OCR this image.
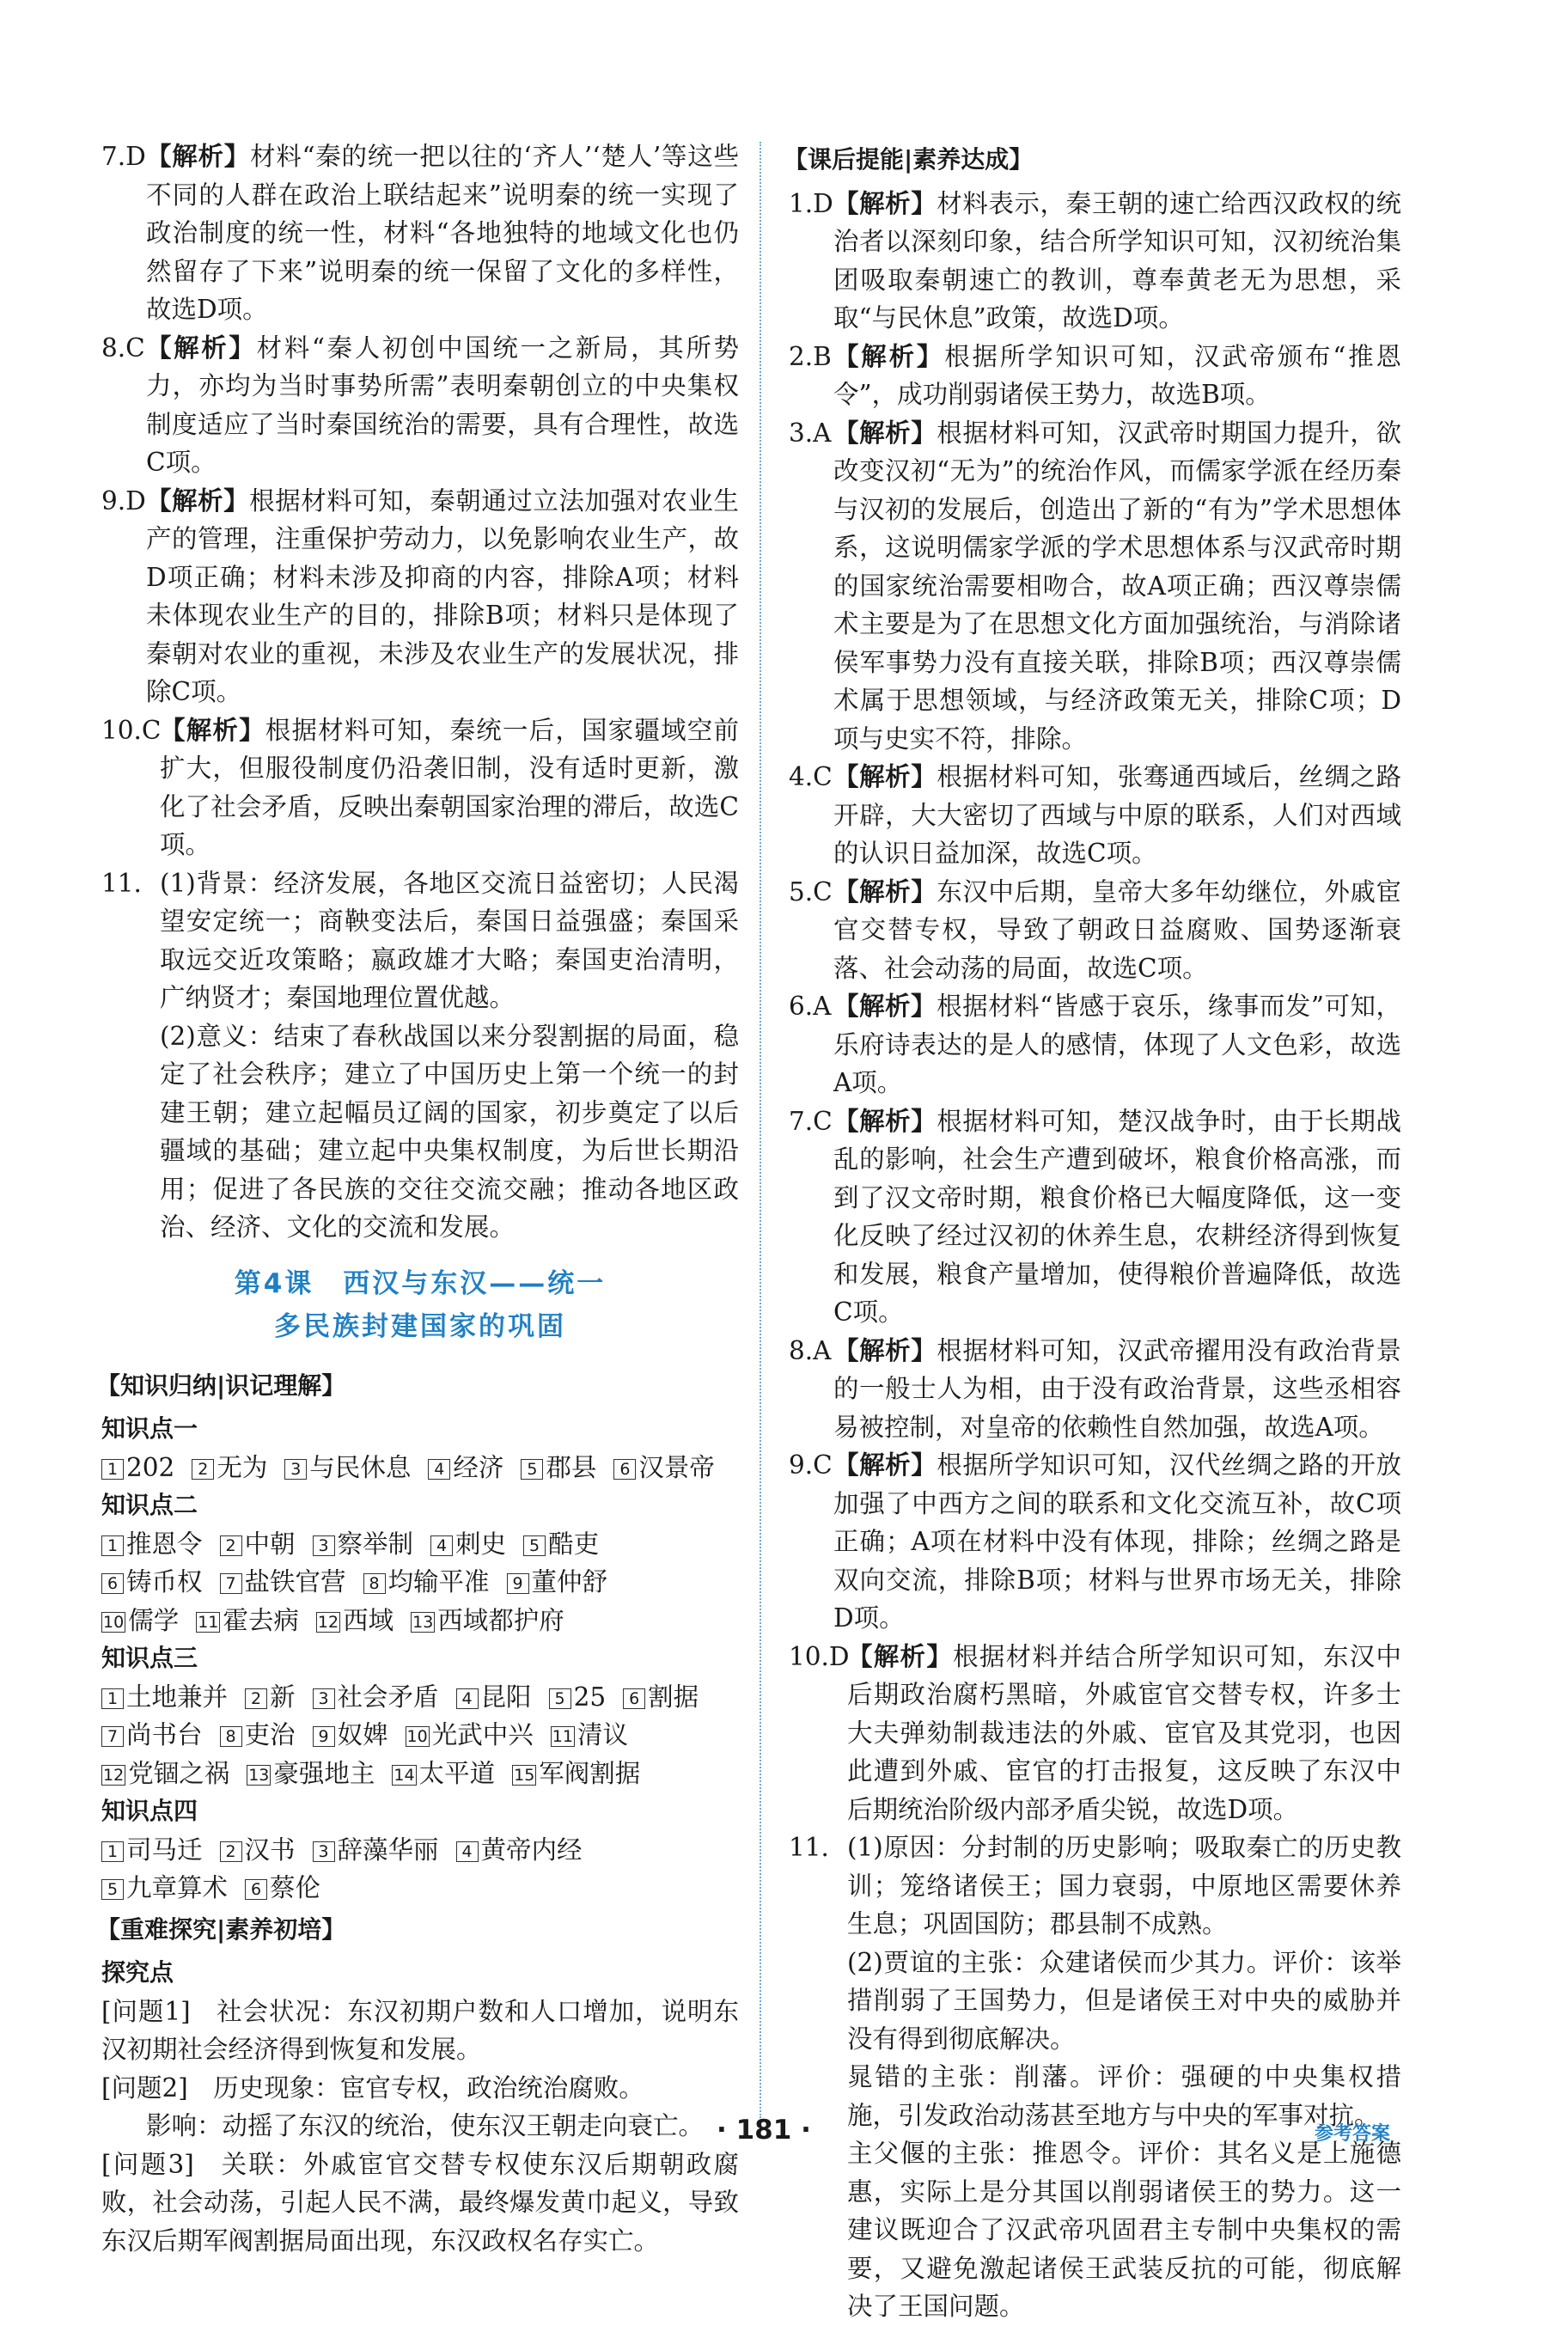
7.D 【解析】材料“秦的统一把以往的‘齐人’‘楚人’等这些不同的人群在政治上联结起来”说明秦的统一实现了政治制度的统一性，材料“各地独特的地域文化也仍然留存了下来”说明秦的统一保留了文化的多样性，故选D项。

8.C 【解析】材料“秦人初创中国统一之新局，其所势力，亦均为当时事势所需”表明秦朝创立的中央集权制度适应了当时秦国统治的需要，具有合理性，故选C项。

9.D 【解析】根据材料可知，秦朝通过立法加强对农业生产的管理，注重保护劳动力，以免影响农业生产，故D项正确；材料未涉及抑商的内容，排除A项；材料未体现农业生产的目的，排除B项；材料只是体现了秦朝对农业的重视，未涉及农业生产的发展状况，排除C项。

10.C
【解析】根据材料可知，秦统一后，国家疆域空前扩大，但服役制度仍沿袭旧制，没有适时更新，激化了社会矛盾，反映出秦朝国家治理的滞后，故选C项。

11. (1)背景：经济发展，各地区交流日益密切；人民渴望安定统一；商鞅变法后，秦国日益强盛；秦国采取远交近攻策略；嬴政雄才大略；秦国吏治清明，广纳贤才；秦国地理位置优越。

(2)意义：结束了春秋战国以来分裂割据的局面，稳定了社会秩序；建立了中国历史上第一个统一的封建王朝；建立起幅员辽阔的国家，初步奠定了以后疆域的基础；建立起中央集权制度，为后世长期沿用；促进了各民族的交往交流交融；推动各地区政治、经济、文化的交流和发展。

第4课　西汉与东汉——统一
多民族封建国家的巩固
【知识归纳|识记理解】
知识点一
1 202	2 无为	3 与民休息	4 经济	5 郡县	6 汉景帝
知识点二
1 推恩令	2 中朝	3 察举制	4 刺史	5 酷吏
6 铸币权	7 盐铁官营	8 均输平准	9 董仲舒
10 儒学 11 霍去病 12 西域 13 西域都护府
知识点三
1 土地兼并	2 新	3 社会矛盾	4 昆阳	5 25	6 割据
7 尚书台	8 吏治	9 奴婢 10 光武中兴 11 清议
12 党锢之祸 13 豪强地主 14 太平道 15 军阀割据
知识点四
1 司马迁	2 汉书	3 辞藻华丽	4 黄帝内经
5 九章算术	6 蔡伦
【重难探究|素养初培】
探究点

[问题1]  社会状况：东汉初期户数和人口增加，说明东汉初期社会经济得到恢复和发展。

[问题2]  历史现象：宦官专权，政治统治腐败。

影响：动摇了东汉的统治，使东汉王朝走向衰亡。

[问题3]  关联：外戚宦官交替专权使东汉后期朝政腐败，社会动荡，引起人民不满，最终爆发黄巾起义，导致东汉后期军阀割据局面出现，东汉政权名存实亡。

【课后提能|素养达成】

1.D 【解析】材料表示，秦王朝的速亡给西汉政权的统治者以深刻印象，结合所学知识可知，汉初统治集团吸取秦朝速亡的教训，尊奉黄老无为思想，采取“与民休息”政策，故选D项。

2.B 【解析】根据所学知识可知，汉武帝颁布“推恩令”，成功削弱诸侯王势力，故选B项。

3.A 【解析】根据材料可知，汉武帝时期国力提升，欲改变汉初“无为”的统治作风，而儒家学派在经历秦与汉初的发展后，创造出了新的“有为”学术思想体系，这说明儒家学派的学术思想体系与汉武帝时期的国家统治需要相吻合，故A项正确；西汉尊崇儒术主要是为了在思想文化方面加强统治，与消除诸侯军事势力没有直接关联，排除B项；西汉尊崇儒术属于思想领域，与经济政策无关，排除C项；D项与史实不符，排除。

4.C 【解析】根据材料可知，张骞通西域后，丝绸之路开辟，大大密切了西域与中原的联系，人们对西域的认识日益加深，故选C项。

5.C 【解析】东汉中后期，皇帝大多年幼继位，外戚宦官交替专权，导致了朝政日益腐败、国势逐渐衰落、社会动荡的局面，故选C项。

6.A 【解析】根据材料“皆感于哀乐，缘事而发”可知，乐府诗表达的是人的感情，体现了人文色彩，故选A项。

7.C 【解析】根据材料可知，楚汉战争时，由于长期战乱的影响，社会生产遭到破坏，粮食价格高涨，而到了汉文帝时期，粮食价格已大幅度降低，这一变化反映了经过汉初的休养生息，农耕经济得到恢复和发展，粮食产量增加，使得粮价普遍降低，故选C项。

8.A 【解析】根据材料可知，汉武帝擢用没有政治背景的一般士人为相，由于没有政治背景，这些丞相容易被控制，对皇帝的依赖性自然加强，故选A项。

9.C 【解析】根据所学知识可知，汉代丝绸之路的开放加强了中西方之间的联系和文化交流互补，故C项正确；A项在材料中没有体现，排除；丝绸之路是双向交流，排除B项；材料与世界市场无关，排除D项。

10.D
【解析】根据材料并结合所学知识可知，东汉中后期政治腐朽黑暗，外戚宦官交替专权，许多士大夫弹劾制裁违法的外戚、宦官及其党羽，也因此遭到外戚、宦官的打击报复，这反映了东汉中后期统治阶级内部矛盾尖锐，故选D项。

11. (1)原因：分封制的历史影响；吸取秦亡的历史教训；笼络诸侯王；国力衰弱，中原地区需要休养生息；巩固国防；郡县制不成熟。

(2)贾谊的主张：众建诸侯而少其力。评价：该举措削弱了王国势力，但是诸侯王对中央的威胁并没有得到彻底解决。

晁错的主张：削藩。评价：强硬的中央集权措施，引发政治动荡甚至地方与中央的军事对抗。

主父偃的主张：推恩令。评价：其名义是上施德惠，实际上是分其国以削弱诸侯王的势力。这一建议既迎合了汉武帝巩固君主专制中央集权的需要，又避免激起诸侯王武装反抗的可能，彻底解决了王国问题。

· 181 ·	参考答案
